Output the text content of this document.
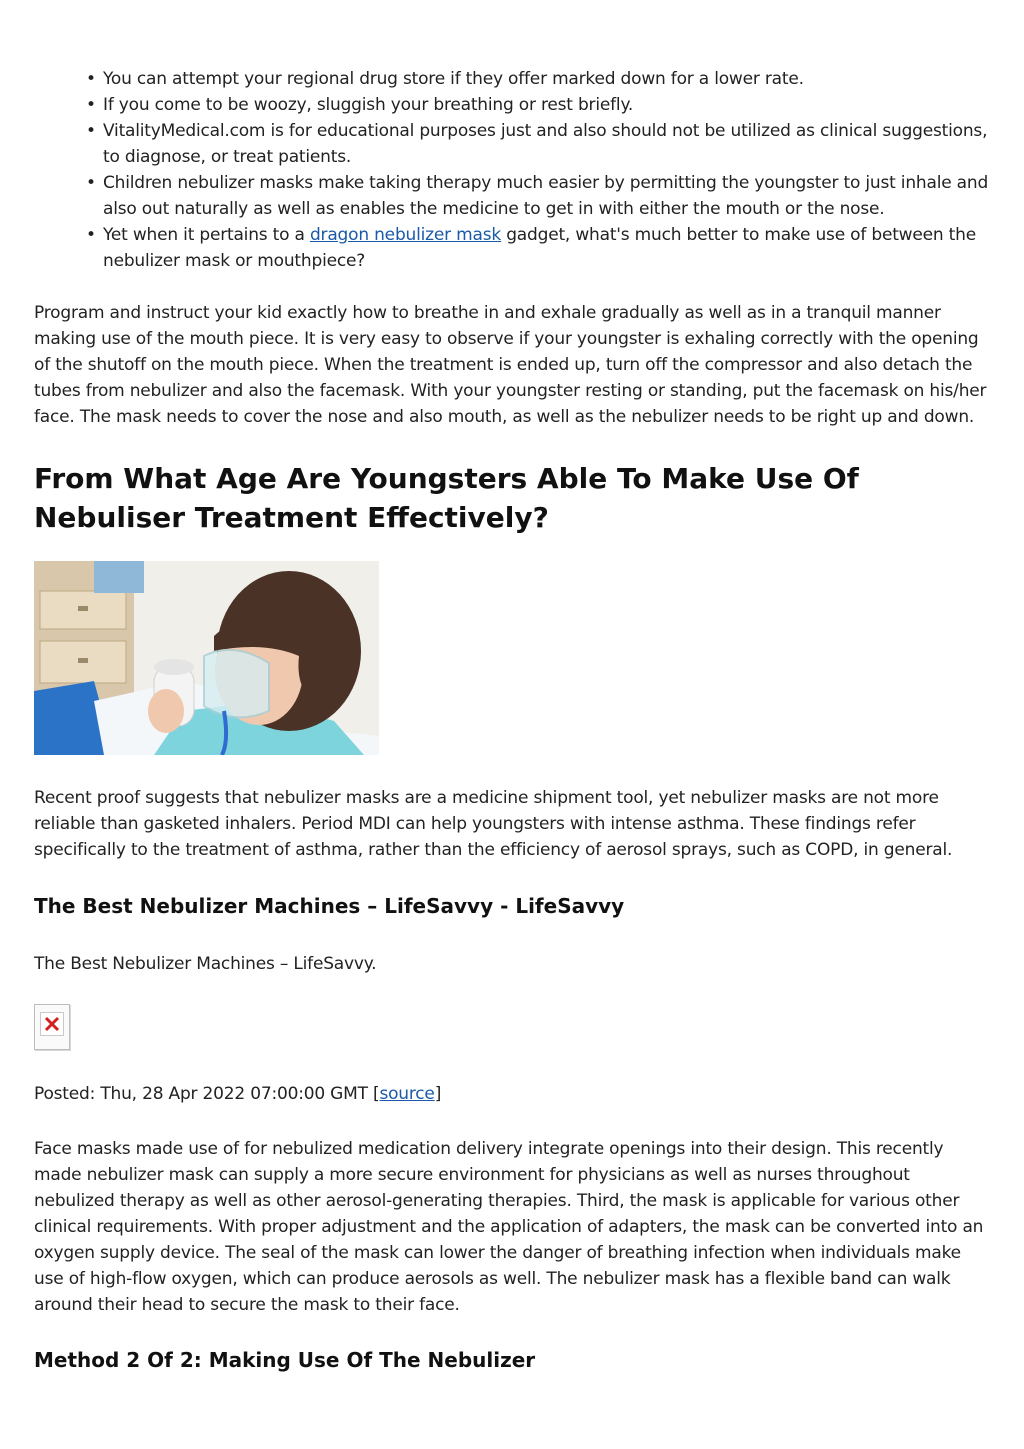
• You can attempt your regional drug store if they offer marked down for a lower rate.
• If you come to be woozy, sluggish your breathing or rest briefly.
• VitalityMedical.com is for educational purposes just and also should not be utilized as clinical suggestions, to diagnose, or treat patients.
• Children nebulizer masks make taking therapy much easier by permitting the youngster to just inhale and also out naturally as well as enables the medicine to get in with either the mouth or the nose.
• Yet when it pertains to a dragon nebulizer mask gadget, what's much better to make use of between the nebulizer mask or mouthpiece?

Program and instruct your kid exactly how to breathe in and exhale gradually as well as in a tranquil manner making use of the mouth piece. It is very easy to observe if your youngster is exhaling correctly with the opening of the shutoff on the mouth piece. When the treatment is ended up, turn off the compressor and also detach the tubes from nebulizer and also the facemask. With your youngster resting or standing, put the facemask on his/her face. The mask needs to cover the nose and also mouth, as well as the nebulizer needs to be right up and down.

From What Age Are Youngsters Able To Make Use Of Nebuliser Treatment Effectively?

Recent proof suggests that nebulizer masks are a medicine shipment tool, yet nebulizer masks are not more reliable than gasketed inhalers. Period MDI can help youngsters with intense asthma. These findings refer specifically to the treatment of asthma, rather than the efficiency of aerosol sprays, such as COPD, in general.

The Best Nebulizer Machines – LifeSavvy - LifeSavvy

The Best Nebulizer Machines – LifeSavvy.

Posted: Thu, 28 Apr 2022 07:00:00 GMT [source]

Face masks made use of for nebulized medication delivery integrate openings into their design. This recently made nebulizer mask can supply a more secure environment for physicians as well as nurses throughout nebulized therapy as well as other aerosol-generating therapies. Third, the mask is applicable for various other clinical requirements. With proper adjustment and the application of adapters, the mask can be converted into an oxygen supply device. The seal of the mask can lower the danger of breathing infection when individuals make use of high-flow oxygen, which can produce aerosols as well. The nebulizer mask has a flexible band can walk around their head to secure the mask to their face.

Method 2 Of 2: Making Use Of The Nebulizer
